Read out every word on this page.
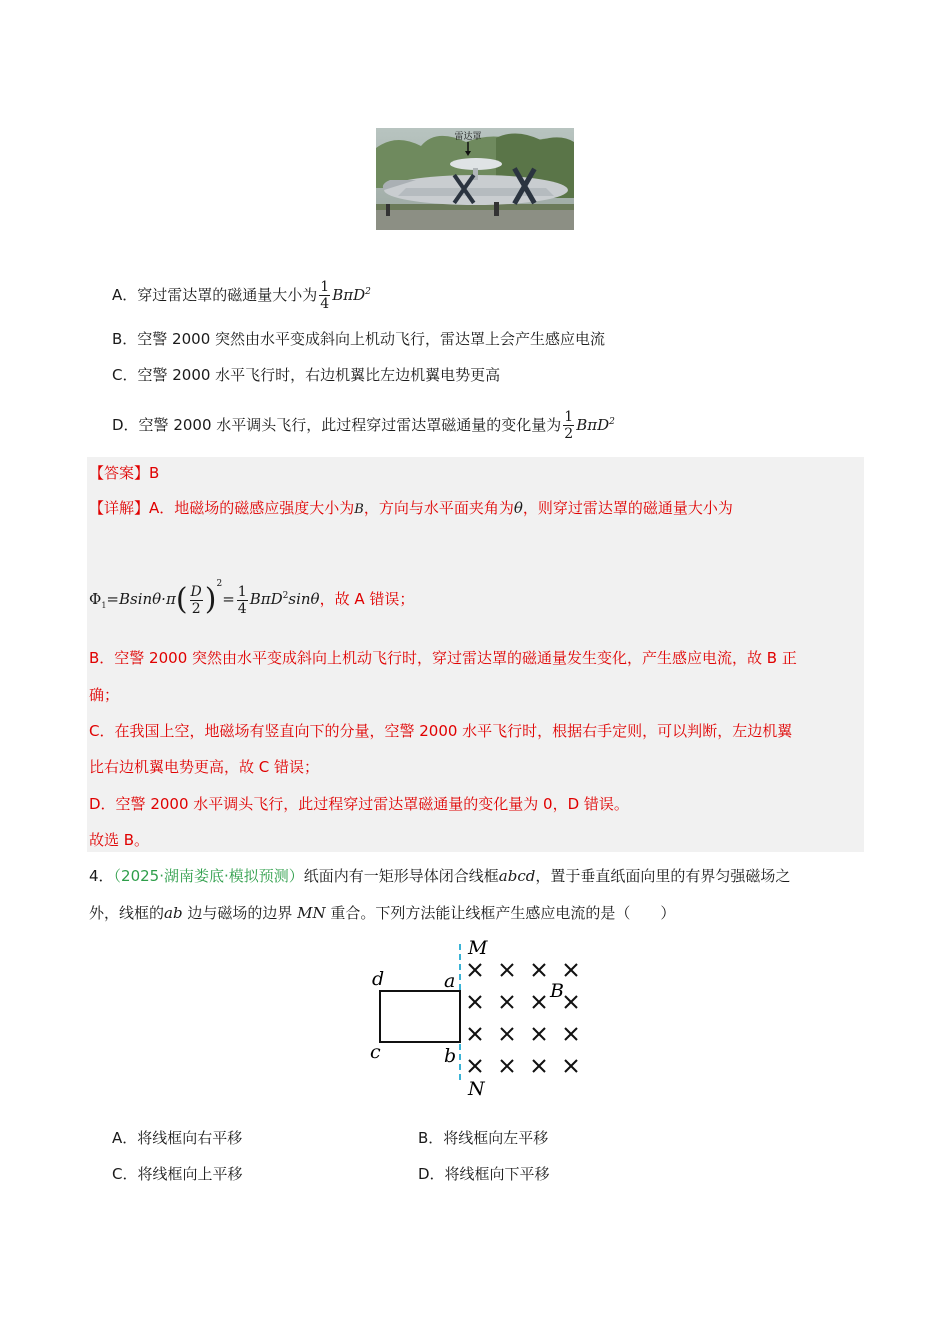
雷达罩
A．穿过雷达罩的磁通量大小为 $\frac{1}{4} B\pi D^2$
B．空警 2000 突然由水平变成斜向上机动飞行，雷达罩上会产生感应电流
C．空警 2000 水平飞行时，右边机翼比左边机翼电势更高
D．空警 2000 水平调头飞行，此过程穿过雷达罩磁通量的变化量为 $\frac{1}{2} B\pi D^2$
【答案】B
【详解】A．地磁场的磁感应强度大小为B，方向与水平面夹角为θ，则穿过雷达罩的磁通量大小为
$\Phi_1=Bsin\theta\cdot\pi( \frac{D}{2} )^2= \frac{1}{4} B\pi D^2\sin\theta$，故 A 错误；
B．空警 2000 突然由水平变成斜向上机动飞行时，穿过雷达罩的磁通量发生变化，产生感应电流，故 B 正
确；
C．在我国上空，地磁场有竖直向下的分量，空警 2000 水平飞行时，根据右手定则，可以判断，左边机翼
比右边机翼电势更高，故 C 错误；
D．空警 2000 水平调头飞行，此过程穿过雷达罩磁通量的变化量为 0，D 错误。
故选 B。
4．（2025·湖南娄底·模拟预测）纸面内有一矩形导体闭合线框abcd，置于垂直纸面向里的有界匀强磁场之
外，线框的ab 边与磁场的边界 MN 重合。下列方法能让线框产生感应电流的是（　　）
M
N
a
b
c
d
B
A．将线框向右平移	B．将线框向左平移
C．将线框向上平移	D．将线框向下平移
